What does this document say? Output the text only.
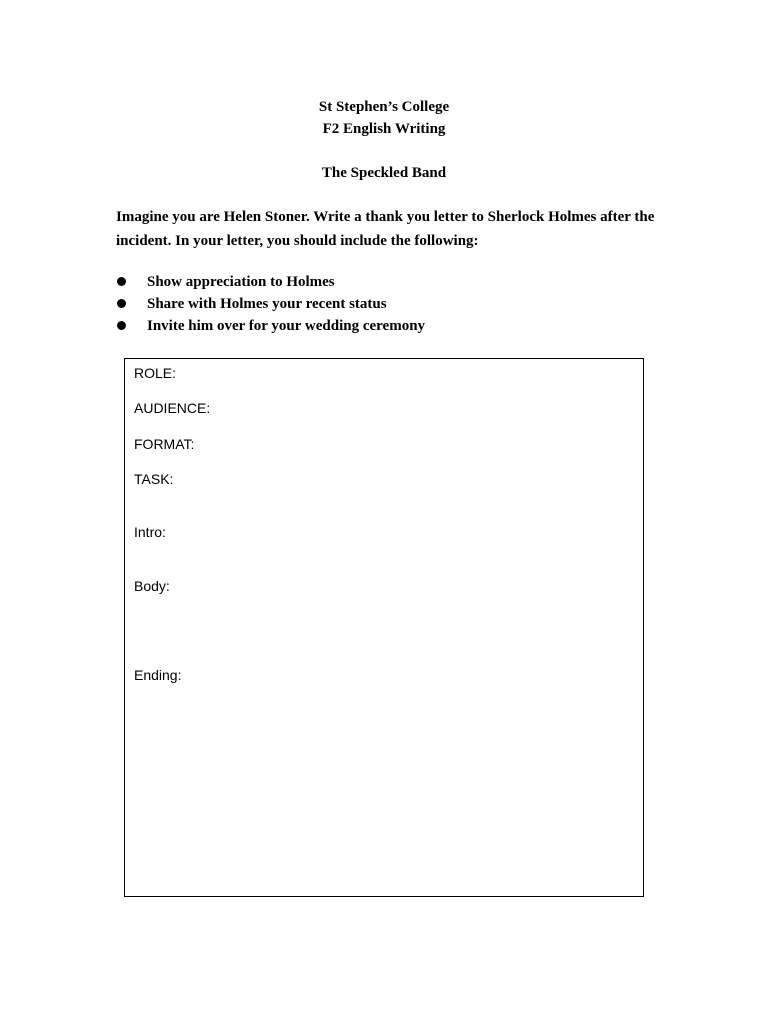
St Stephen’s College
F2 English Writing
The Speckled Band

Imagine you are Helen Stoner. Write a thank you letter to Sherlock Holmes after the incident. In your letter, you should include the following:

Show appreciation to Holmes
Share with Holmes your recent status
Invite him over for your wedding ceremony
ROLE:
AUDIENCE:
FORMAT:
TASK:
Intro:
Body:
Ending:
